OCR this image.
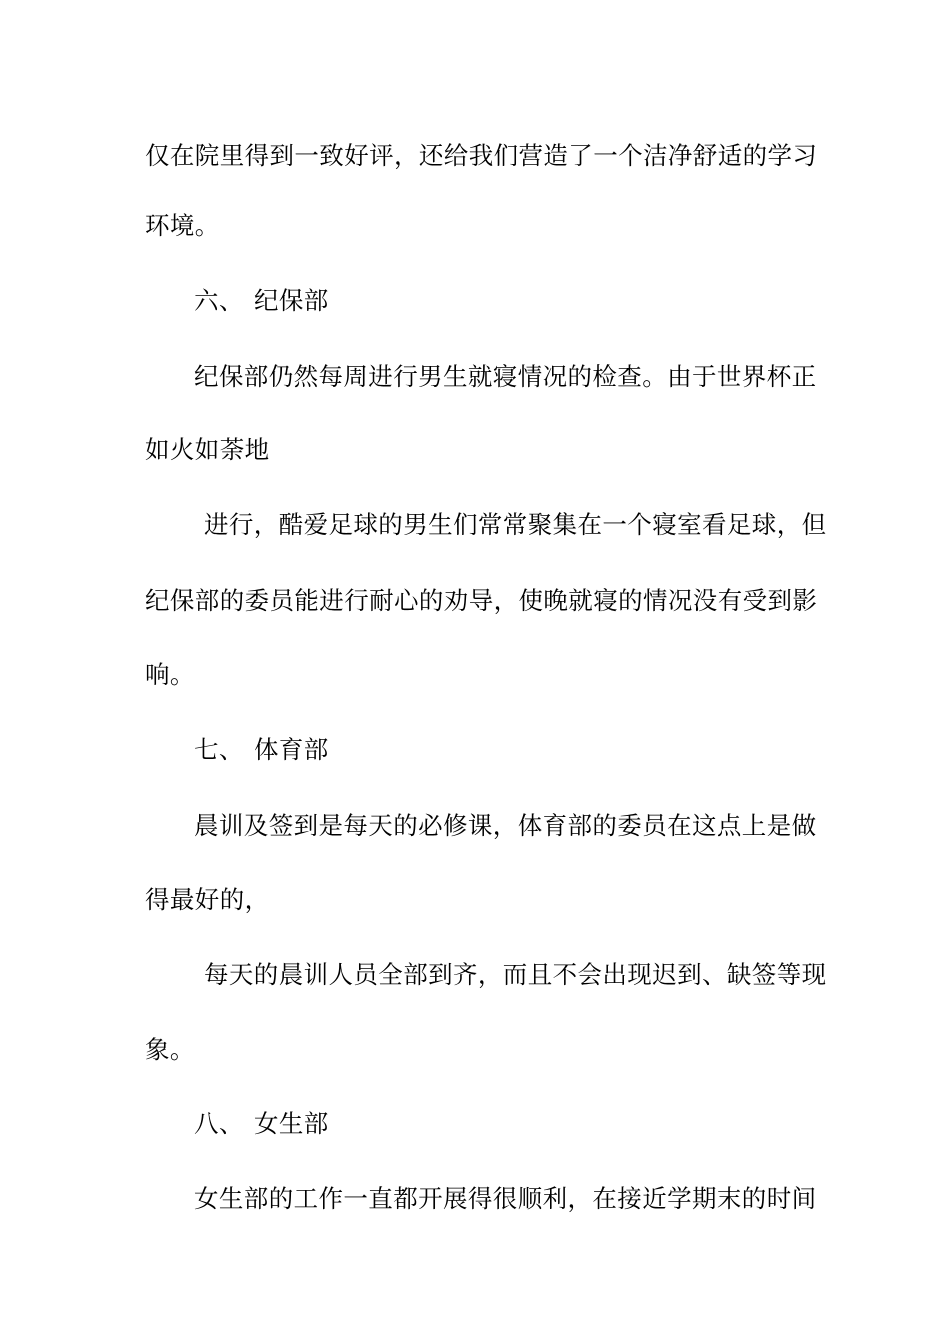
仅在院里得到一致好评，还给我们营造了一个洁净舒适的学习
环境。
六、 纪保部
纪保部仍然每周进行男生就寝情况的检查。由于世界杯正
如火如荼地
进行，酷爱足球的男生们常常聚集在一个寝室看足球，但
纪保部的委员能进行耐心的劝导，使晚就寝的情况没有受到影
响。
七、 体育部
晨训及签到是每天的必修课，体育部的委员在这点上是做
得最好的，
每天的晨训人员全部到齐，而且不会出现迟到、缺签等现
象。
八、 女生部
女生部的工作一直都开展得很顺利，在接近学期末的时间
